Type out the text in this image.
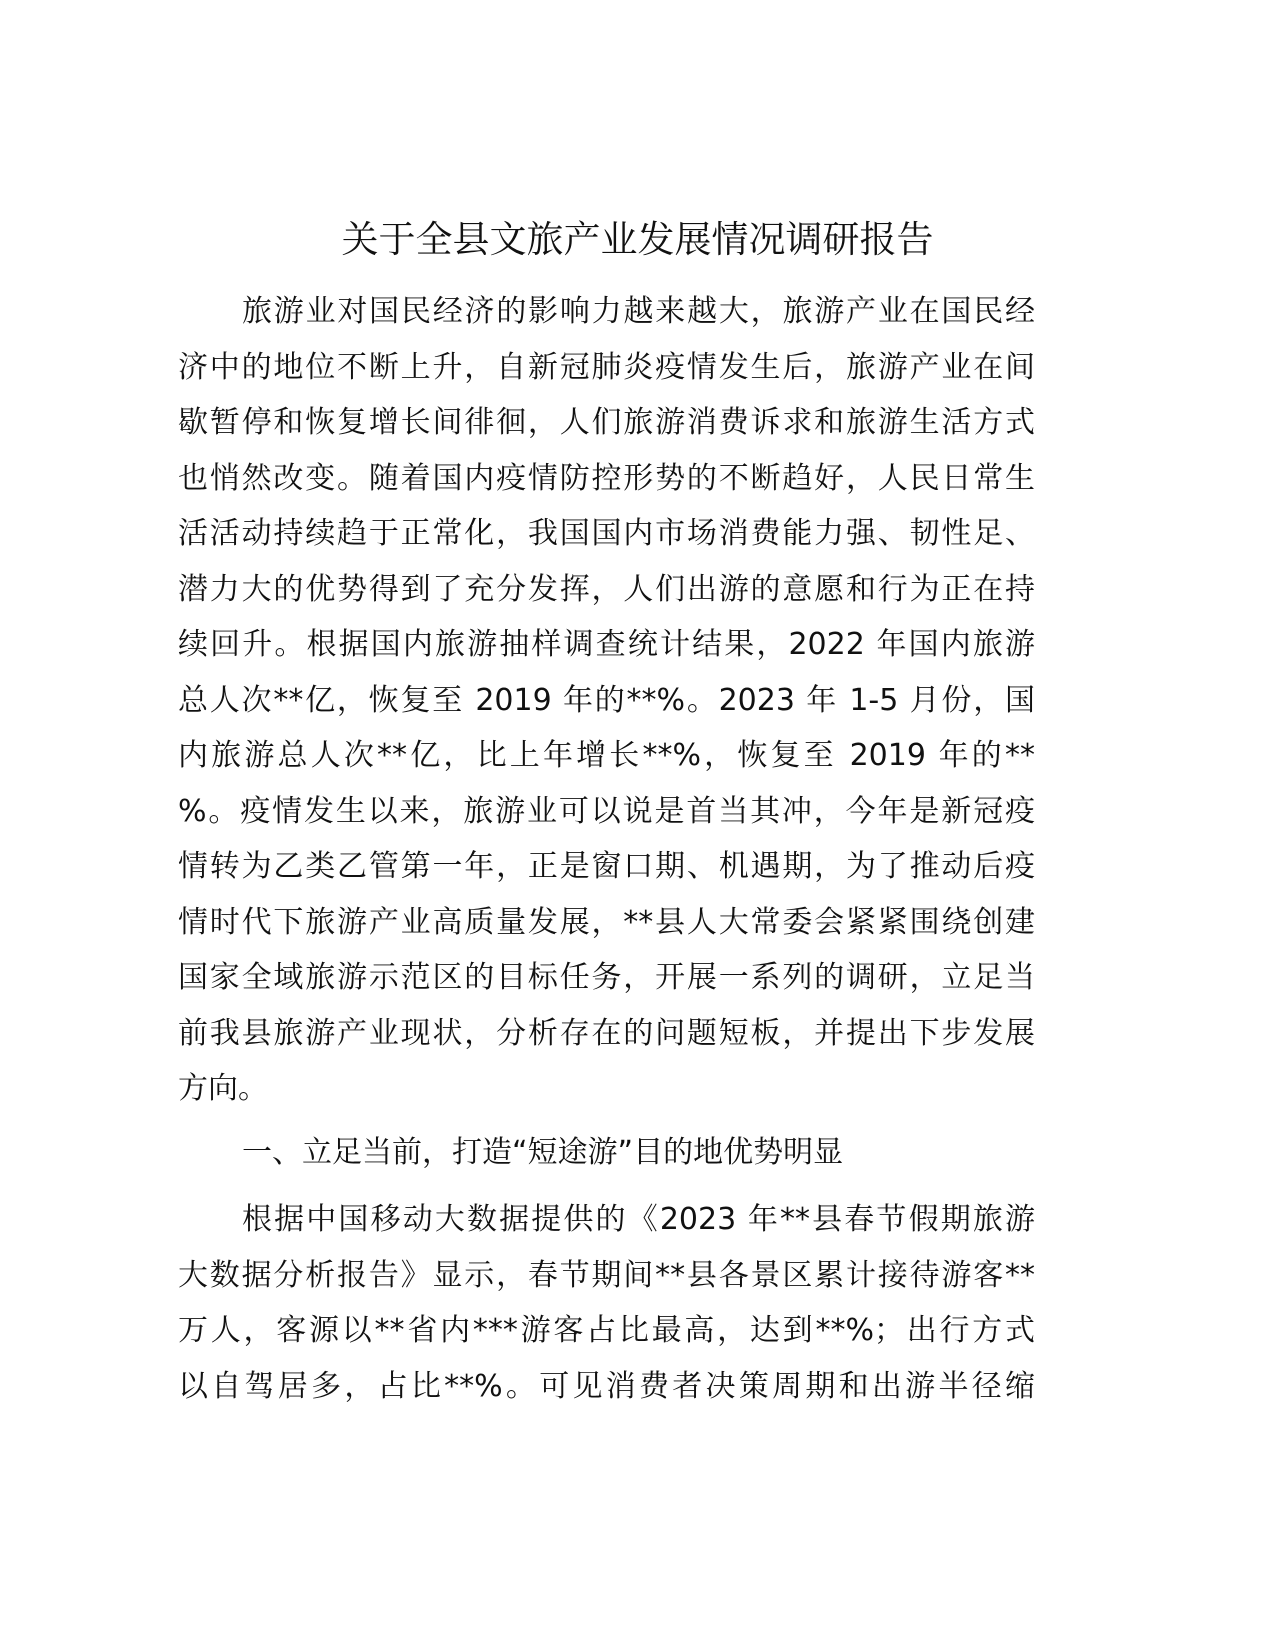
关于全县文旅产业发展情况调研报告
旅游业对国民经济的影响力越来越大，旅游产业在国民经
济中的地位不断上升，自新冠肺炎疫情发生后，旅游产业在间
歇暂停和恢复增长间徘徊，人们旅游消费诉求和旅游生活方式
也悄然改变。随着国内疫情防控形势的不断趋好，人民日常生
活活动持续趋于正常化，我国国内市场消费能力强、韧性足、
潜力大的优势得到了充分发挥，人们出游的意愿和行为正在持
续回升。根据国内旅游抽样调查统计结果，2022 年国内旅游
总人次**亿，恢复至 2019 年的**%。2023 年 1-5 月份，国
内旅游总人次**亿，比上年增长**%，恢复至 2019 年的**
%。疫情发生以来，旅游业可以说是首当其冲，今年是新冠疫
情转为乙类乙管第一年，正是窗口期、机遇期，为了推动后疫
情时代下旅游产业高质量发展，**县人大常委会紧紧围绕创建
国家全域旅游示范区的目标任务，开展一系列的调研，立足当
前我县旅游产业现状，分析存在的问题短板，并提出下步发展
方向。
一、立足当前，打造“短途游”目的地优势明显
根据中国移动大数据提供的《2023 年**县春节假期旅游
大数据分析报告》显示，春节期间**县各景区累计接待游客**
万人，客源以**省内***游客占比最高，达到**%；出行方式
以自驾居多，占比**%。可见消费者决策周期和出游半径缩
